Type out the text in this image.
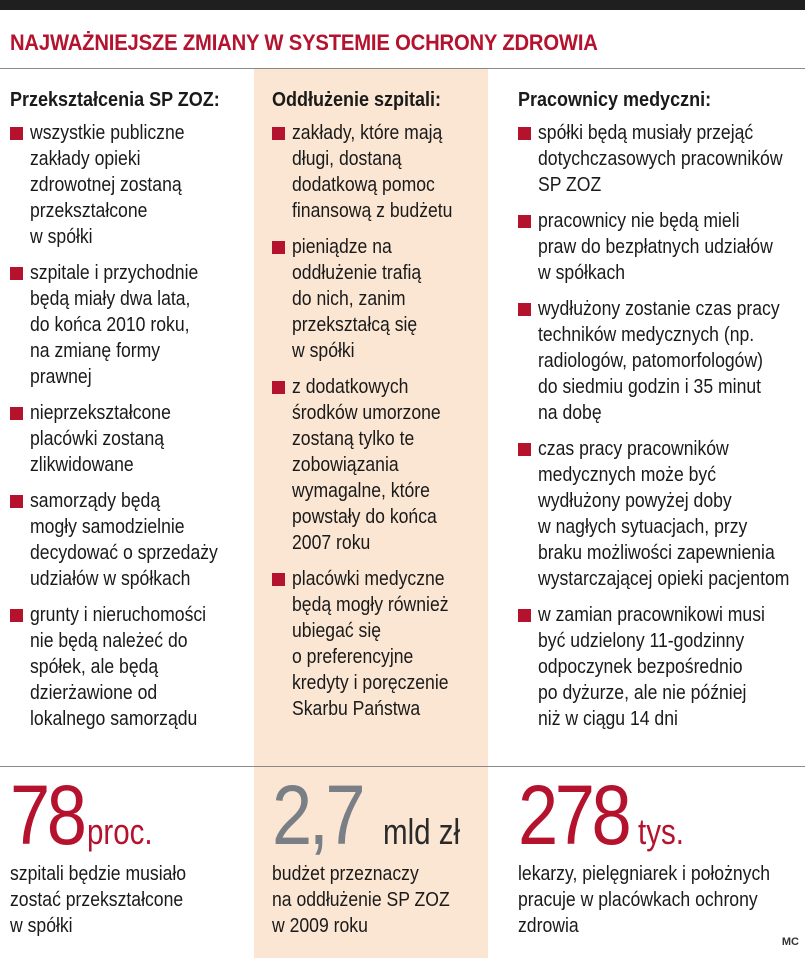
NAJWAŻNIEJSZE ZMIANY W SYSTEMIE OCHRONY ZDROWIA
Przekształcenia SP ZOZ:
wszystkie publiczne
zakłady opieki
zdrowotnej zostaną
przekształcone
w spółki
szpitale i przychodnie
będą miały dwa lata,
do końca 2010 roku,
na zmianę formy
prawnej
nieprzekształcone
placówki zostaną
zlikwidowane
samorządy będą
mogły samodzielnie
decydować o sprzedaży
udziałów w spółkach
grunty i nieruchomości
nie będą należeć do
spółek, ale będą
dzierżawione od
lokalnego samorządu
Oddłużenie szpitali:
zakłady, które mają
długi, dostaną
dodatkową pomoc
finansową z budżetu
pieniądze na
oddłużenie trafią
do nich, zanim
przekształcą się
w spółki
z dodatkowych
środków umorzone
zostaną tylko te
zobowiązania
wymagalne, które
powstały do końca
2007 roku
placówki medyczne
będą mogły również
ubiegać się
o preferencyjne
kredyty i poręczenie
Skarbu Państwa
Pracownicy medyczni:
spółki będą musiały przejąć
dotychczasowych pracowników
SP ZOZ
pracownicy nie będą mieli
praw do bezpłatnych udziałów
w spółkach
wydłużony zostanie czas pracy
techników medycznych (np.
radiologów, patomorfologów)
do siedmiu godzin i 35 minut
na dobę
czas pracy pracowników
medycznych może być
wydłużony powyżej doby
w nagłych sytuacjach, przy
braku możliwości zapewnienia
wystarczającej opieki pacjentom
w zamian pracownikowi musi
być udzielony 11-godzinny
odpoczynek bezpośrednio
po dyżurze, ale nie później
niż w ciągu 14 dni
78 proc.
szpitali będzie musiało
zostać przekształcone
w spółki
2,7 mld zł
budżet przeznaczy
na oddłużenie SP ZOZ
w 2009 roku
278 tys.
lekarzy, pielęgniarek i położnych
pracuje w placówkach ochrony
zdrowia
MC
